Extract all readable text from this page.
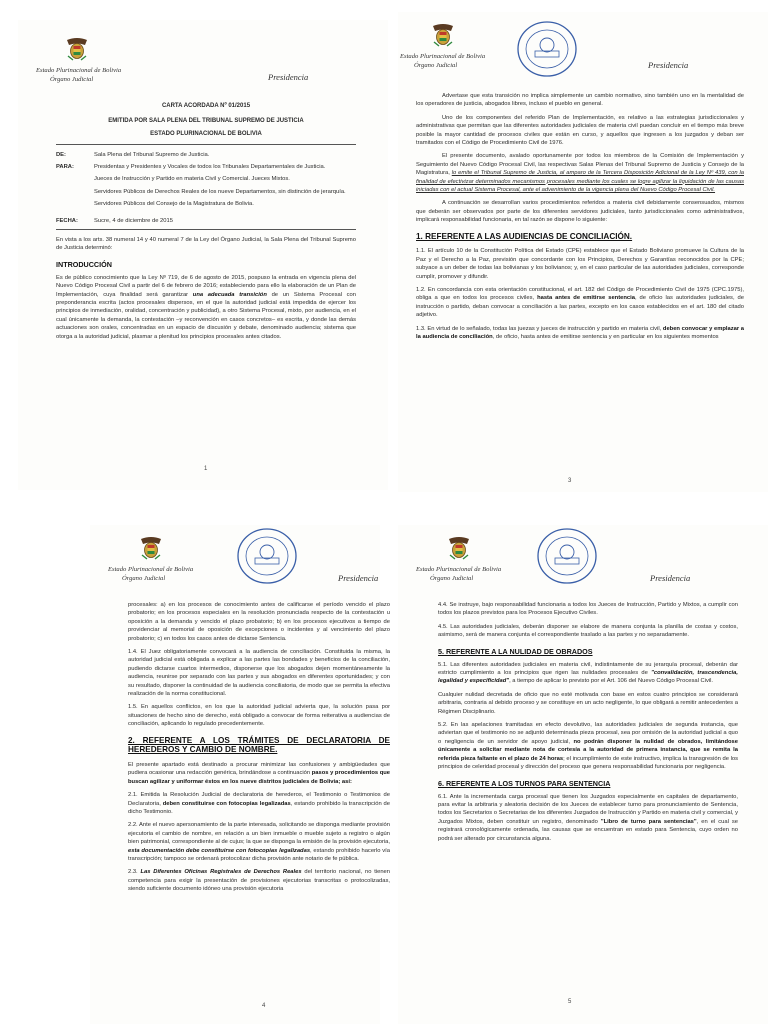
Estado Plurinacional de Bolivia
Órgano Judicial	Presidencia

CARTA ACORDADA Nº 01/2015

EMITIDA POR SALA PLENA DEL TRIBUNAL SUPREMO DE JUSTICIA

ESTADO PLURINACIONAL DE BOLIVIA

DE:	Sala Plena del Tribunal Supremo de Justicia.
PARA:	Presidentas y Presidentes y Vocales de todos los Tribunales Departamentales de Justicia.

Jueces de Instrucción y Partido en materia Civil y Comercial. Jueces Mixtos.

Servidores Públicos de Derechos Reales de los nueve Departamentos, sin distinción de jerarquía.

Servidores Públicos del Consejo de la Magistratura de Bolivia.

FECHA:	Sucre, 4 de diciembre de 2015

En vista a los arts. 38 numeral 14 y 40 numeral 7 de la Ley del Órgano Judicial, la Sala Plena del Tribunal Supremo de Justicia determinó:

INTRODUCCIÓN

Es de público conocimiento que la Ley Nº 719, de 6 de agosto de 2015, pospuso la entrada en vigencia plena del Nuevo Código Procesal Civil a partir del 6 de febrero de 2016; estableciendo para ello la elaboración de un Plan de Implementación, cuya finalidad será garantizar una adecuada transición de un Sistema Procesal con preponderancia escrita (actos procesales dispersos, en el que la autoridad judicial está impedida de ejercer los principios de inmediación, oralidad, concentración y publicidad), a otro Sistema Procesal, mixto, por audiencia, en el cual únicamente la demanda, la contestación –y reconvención en casos concretos– es escrita, y donde las demás actuaciones son orales, concentradas en un espacio de discusión y debate, denominado audiencia; sistema que otorga a la autoridad judicial, plasmar a plenitud los principios procesales antes citados.

1
Estado Plurinacional de Bolivia
Órgano Judicial	Presidencia

Advertase que esta transición no implica simplemente un cambio normativo, sino también uno en la mentalidad de los operadores de justicia, abogados libres, incluso el pueblo en general.

Uno de los componentes del referido Plan de Implementación, es relativo a las estrategias jurisdiccionales y administrativas que permitan que las diferentes autoridades judiciales de materia civil puedan concluir en el tiempo más breve posible la mayor cantidad de procesos civiles que están en curso, y aquellos que ingresen a los juzgados y deban ser tramitados con el Código de Procedimiento Civil de 1976.

El presente documento, avalado oportunamente por todos los miembros de la Comisión de Implementación y Seguimiento del Nuevo Código Procesal Civil, las respectivas Salas Plenas del Tribunal Supremo de Justicia y Consejo de la Magistratura, lo emite el Tribunal Supremo de Justicia, al amparo de la Tercera Disposición Adicional de la Ley Nº 439, con la finalidad de efectivizar determinados mecanismos procesales mediante los cuales se logre agilizar la liquidación de las causas iniciadas con el actual Sistema Procesal, ante el advenimiento de la vigencia plena del Nuevo Código Procesal Civil.

A continuación se desarrollan varios procedimientos referidos a materia civil debidamente consensuados, mismos que deberán ser observados por parte de los diferentes servidores judiciales, tanto jurisdiccionales como administrativos, implicará responsabilidad funcionaria, en tal razón se dispone lo siguiente:

1. REFERENTE A LAS AUDIENCIAS DE CONCILIACIÓN.

1.1. El artículo 10 de la Constitución Política del Estado (CPE) establece que el Estado Boliviano promueve la Cultura de la Paz y el Derecho a la Paz, previsión que concordante con los Principios, Derechos y Garantías reconocidos por la CPE; subyace a un deber de todas las bolivianas y los bolivianos; y, en el caso particular de las autoridades judiciales, corresponde cumplir, promover y difundir.

1.2. En concordancia con esta orientación constitucional, el art. 182 del Código de Procedimiento Civil de 1975 (CPC.1975), obliga a que en todos los procesos civiles, hasta antes de emitirse sentencia, de oficio las autoridades judiciales, de instrucción o partido, deban convocar a conciliación a las partes, excepto en los casos establecidos en el art. 180 del citado adjetivo.

1.3. En virtud de lo señalado, todas las juezas y jueces de instrucción y partido en materia civil, deben convocar y emplazar a la audiencia de conciliación, de oficio, hasta antes de emitirse sentencia y en particular en los siguientes momentos

3
Estado Plurinacional de Bolivia
Órgano Judicial	Presidencia

procesales: a) en los procesos de conocimiento antes de calificarse el período vencido el plazo probatorio; en los procesos especiales en la resolución pronunciada respecto de la contestación u oposición a la demanda y vencido el plazo probatorio; b) en los procesos ejecutivos a tiempo de providenciar al memorial de oposición de excepciones o incidentes y al vencimiento del plazo probatorio; c) en todos los casos antes de dictarse Sentencia.

1.4. El Juez obligatoriamente convocará a la audiencia de conciliación. Constituida la misma, la autoridad judicial está obligada a explicar a las partes las bondades y beneficios de la conciliación, pudiendo dictarse cuartos intermedios, disponerse que los abogados dejen momentáneamente la audiencia, reunirse por separado con las partes y sus abogados en diferentes oportunidades; y con su resultado, disponer la continuidad de la audiencia conciliatoria, de modo que se permita la efectiva realización de la norma constitucional.

1.5. En aquellos conflictos, en los que la autoridad judicial advierta que, la solución pasa por situaciones de hecho sino de derecho, está obligado a convocar de forma reiterativa a audiencias de conciliación, aplicando lo regulado precedentemente.

2. REFERENTE A LOS TRÁMITES DE DECLARATORIA DE HEREDEROS Y CAMBIO DE NOMBRE.

El presente apartado está destinado a procurar minimizar las confusiones y ambigüedades que pudiera ocasionar una redacción genérica, brindándose a continuación pasos y procedimientos que buscan agilizar y uniformar éstos en los nueve distritos judiciales de Bolivia; así:

2.1. Emitida la Resolución Judicial de declaratoria de herederos, el Testimonio o Testimonios de Declaratoria, deben constituirse con fotocopias legalizadas, estando prohibido la transcripción de dicho Testimonio.

2.2. Ante el nuevo apersonamiento de la parte interesada, solicitando se disponga mediante provisión ejecutoria el cambio de nombre, en relación a un bien inmueble o mueble sujeto a registro o algún bien patrimonial, correspondiente al de cujus; la que se disponga la emisión de la provisión ejecutoria, esta documentación debe constituirse con fotocopias legalizadas, estando prohibido hacerlo vía transcripción; tampoco se ordenará protocolizar dicha provisión ante notario de fe pública.

2.3. Las Diferentes Oficinas Registrales de Derechos Reales del territorio nacional, no tienen competencia para exigir la presentación de provisiones ejecutorias transcritas o protocolizadas, siendo suficiente documento idóneo una provisión ejecutoria

4
Estado Plurinacional de Bolivia
Órgano Judicial	Presidencia

4.4. Se instruye, bajo responsabilidad funcionaria a todos los Jueces de Instrucción, Partido y Mixtos, a cumplir con todos los plazos previstos para los Procesos Ejecutivo Civiles.

4.5. Las autoridades judiciales, deberán disponer se elabore de manera conjunta la planilla de costas y costos, asimismo, será de manera conjunta el correspondiente traslado a las partes y no separadamente.

5. REFERENTE A LA NULIDAD DE OBRADOS

5.1. Las diferentes autoridades judiciales en materia civil, indistintamente de su jerarquía procesal, deberán dar estricto cumplimiento a los principios que rigen las nulidades procesales de "convalidación, trascendencia, legalidad y especificidad", a tiempo de aplicar lo previsto por el Art. 106 del Nuevo Código Procesal Civil.

Cualquier nulidad decretada de oficio que no esté motivada con base en estos cuatro principios se considerará arbitraria, contraria al debido proceso y se constituye en un acto negligente, lo que obligará a remitir antecedentes a Régimen Disciplinario.

5.2. En las apelaciones tramitadas en efecto devolutivo, las autoridades judiciales de segunda instancia, que adviertan que el testimonio no se adjuntó determinada pieza procesal, sea por omisión de la autoridad judicial a quo o negligencia de un servidor de apoyo judicial, no podrán disponer la nulidad de obrados, limitándose únicamente a solicitar mediante nota de cortesía a la autoridad de primera instancia, que se remita la referida pieza faltante en el plazo de 24 horas; el incumplimiento de este instructivo, implica la transgresión de los principios de celeridad procesal y dirección del proceso que genera responsabilidad funcionaria por negligencia.

6. REFERENTE A LOS TURNOS PARA SENTENCIA

6.1. Ante la incrementada carga procesal que tienen los Juzgados especialmente en capitales de departamento, para evitar la arbitraria y aleatoria decisión de los Jueces de establecer turno para pronunciamiento de Sentencia, todos los Secretarios o Secretarias de los diferentes Juzgados de Instrucción y Partido en materia civil y comercial, y Juzgados Mixtos, deben constituir un registro, denominado "Libro de turno para sentencias", en el cual se registrará cronológicamente ordenada, las causas que se encuentran en estado para Sentencia, cuyo orden no podrá ser alterado por circunstancia alguna.

5
